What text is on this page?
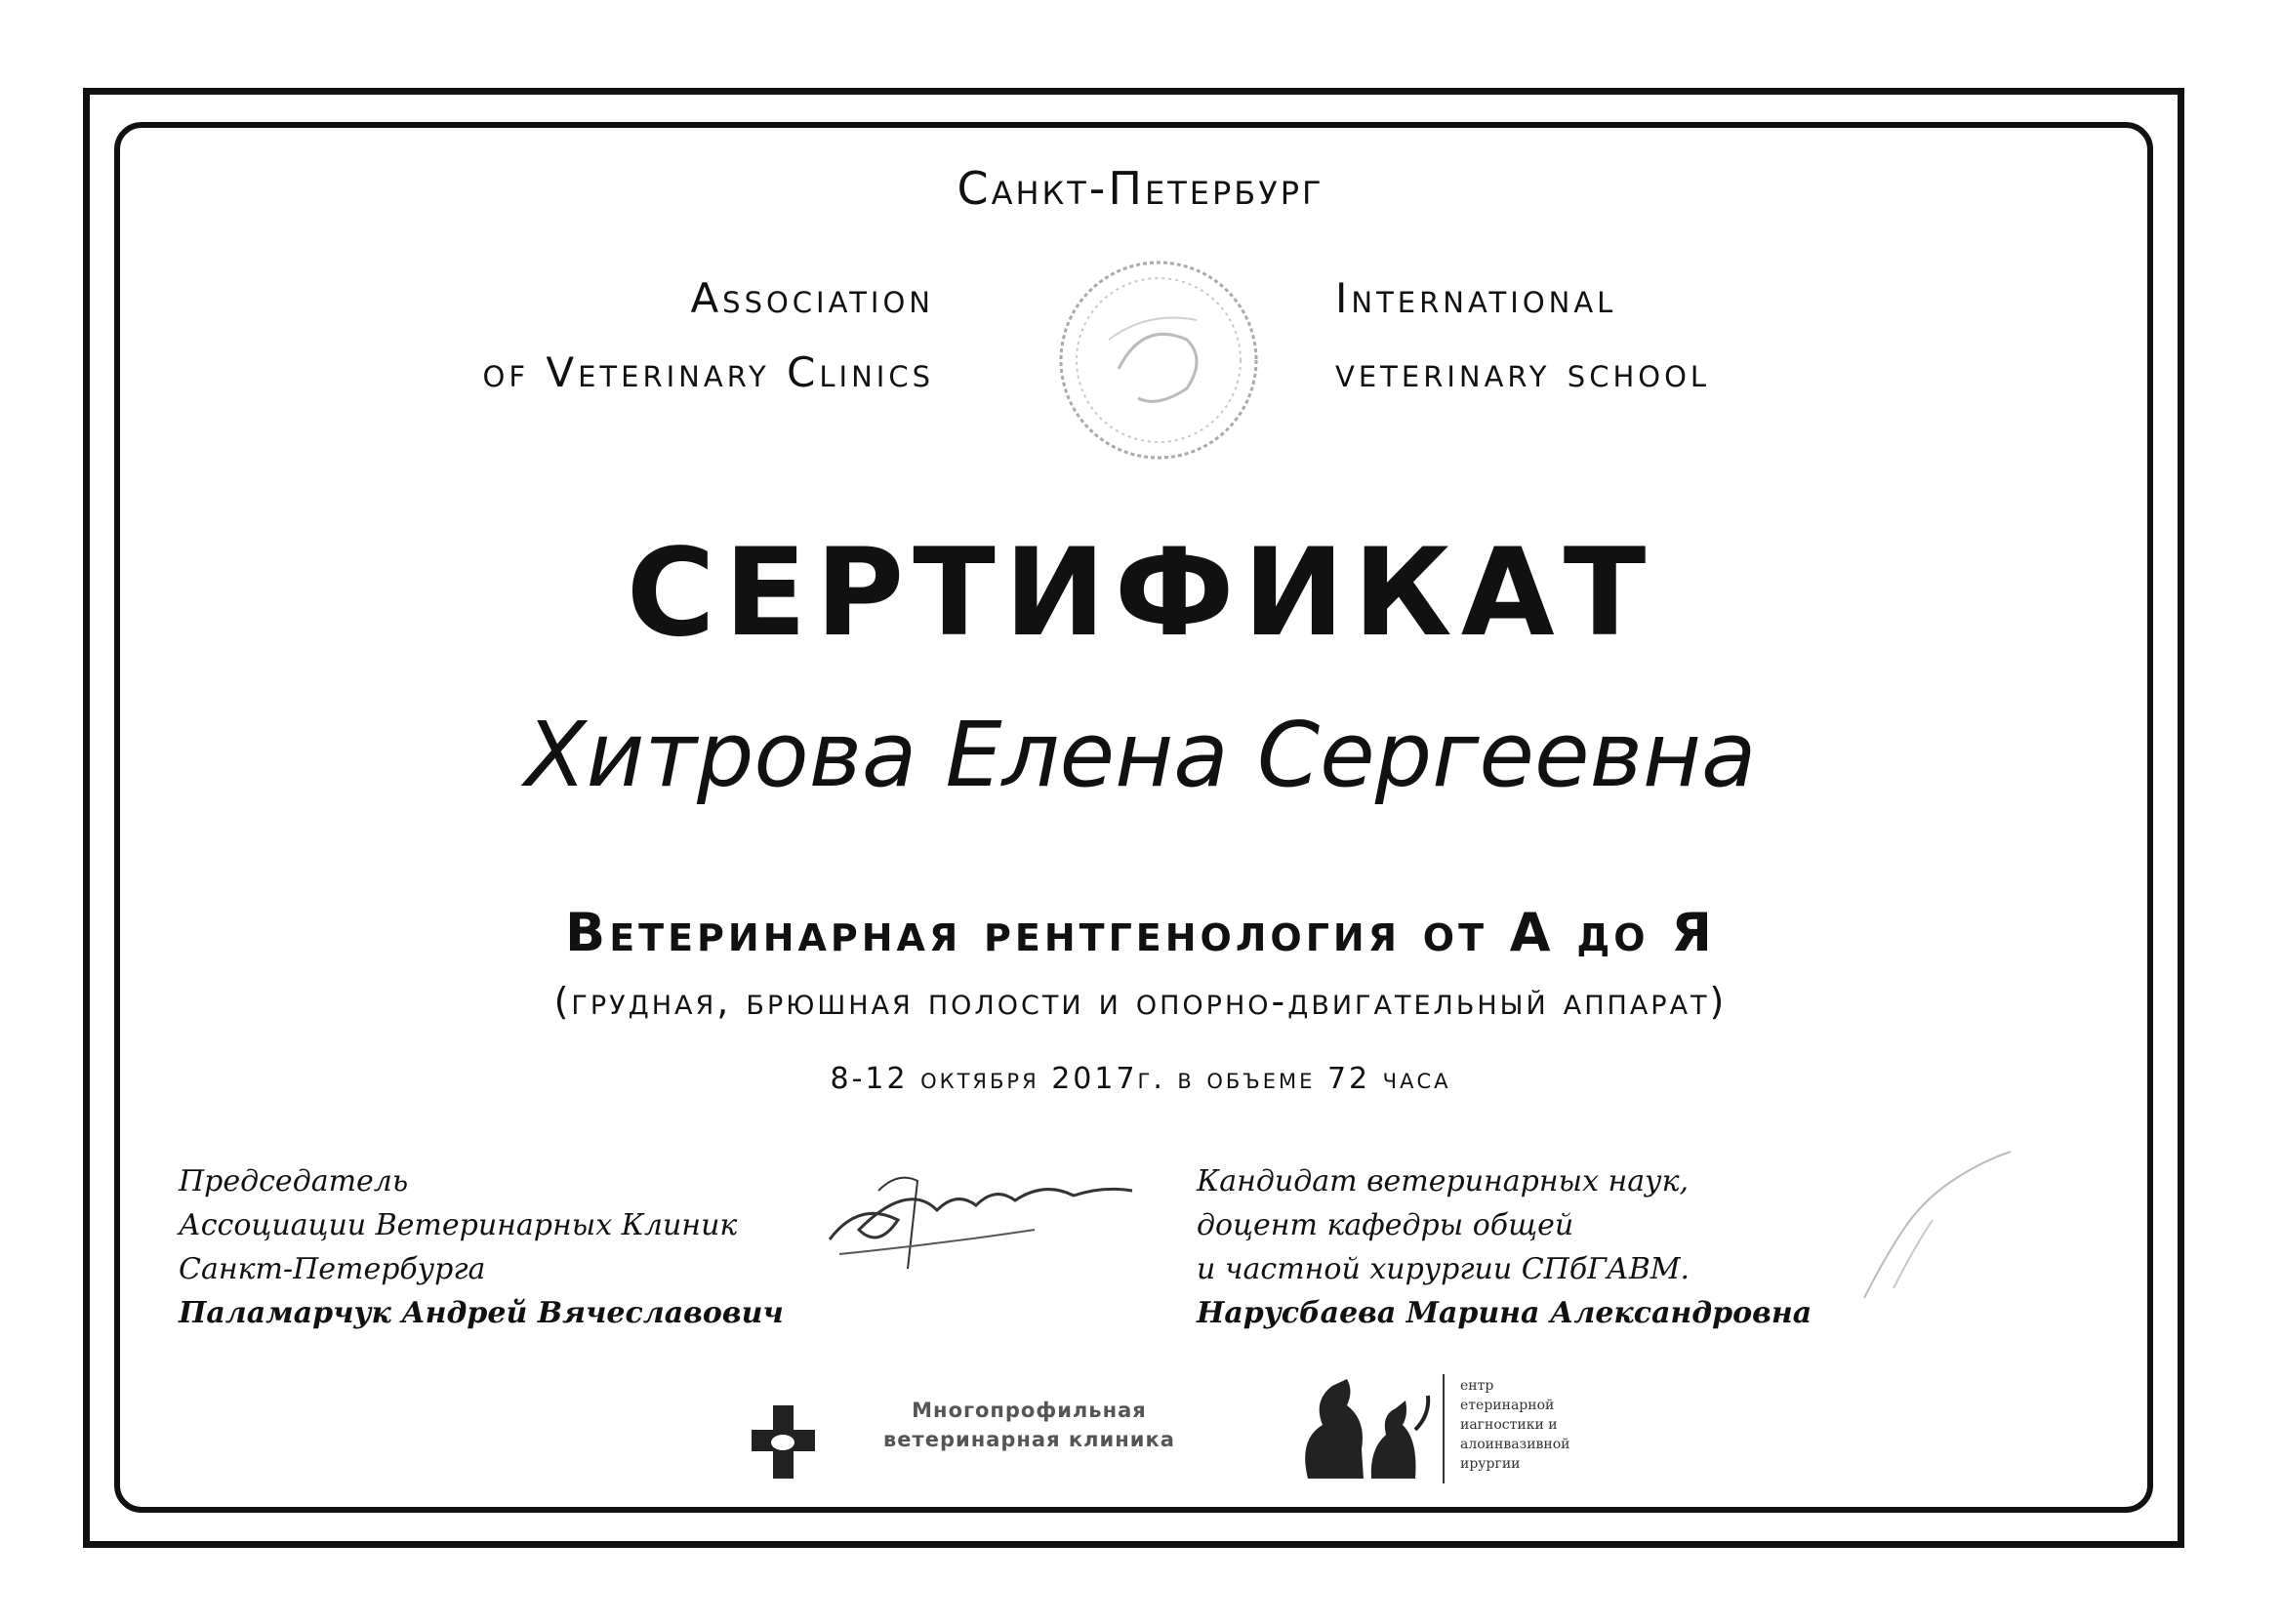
Санкт-Петербург
Association
of Veterinary Clinics
International
veterinary school
СЕРТИФИКАТ
Хитрова Елена Сергеевна
Ветеринарная рентгенология от А до Я
(грудная, брюшная полости и опорно-двигательный аппарат)
8-12 октября 2017г. в объеме 72 часа
Председатель
Ассоциации Ветеринарных Клиник
Санкт-Петербурга
Паламарчук Андрей Вячеславович
Кандидат ветеринарных наук,
доцент кафедры общей
и частной хирургии СПбГАВМ.
Нарусбаева Марина Александровна
Многопрофильная
ветеринарная клиника
ентр
етеринарной
иагностики и
алоинвазивной
ирургии
